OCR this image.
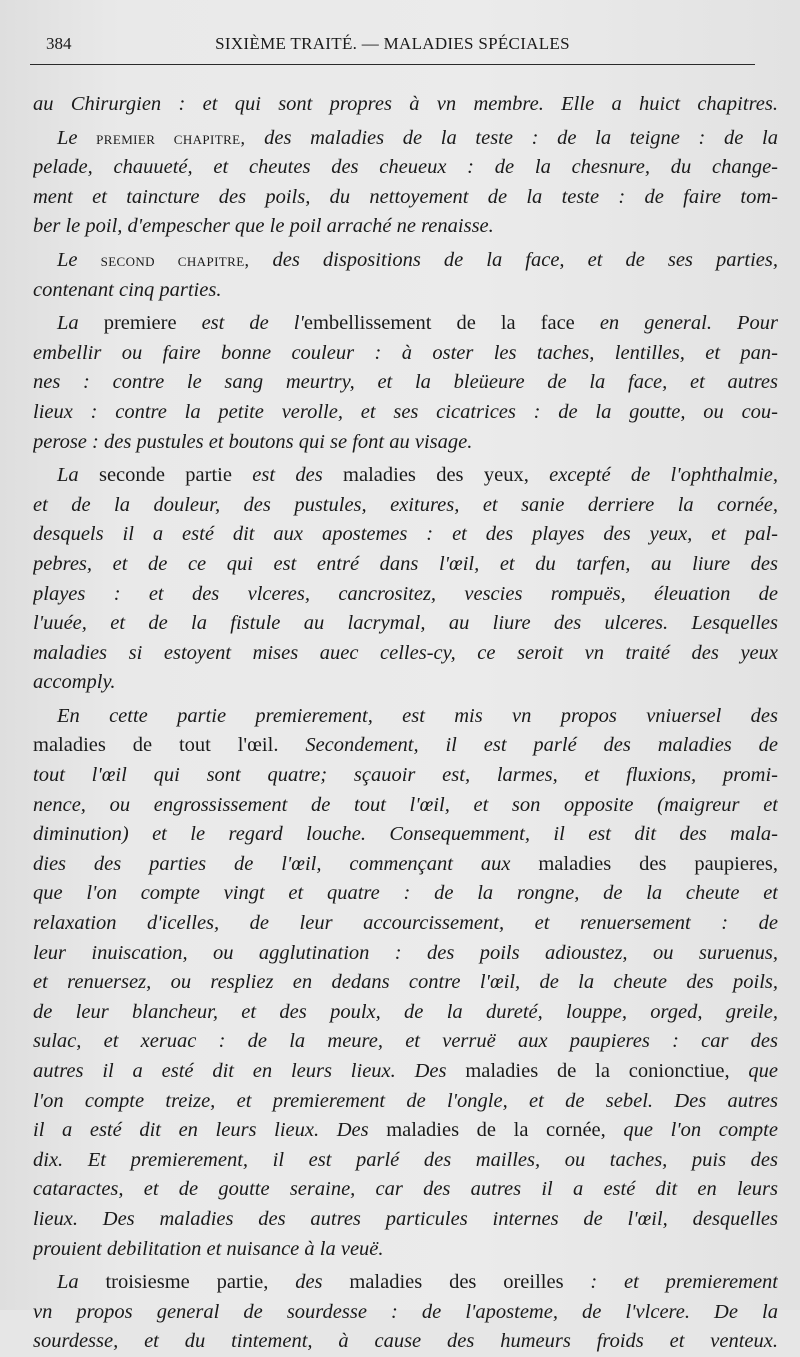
384	SIXIÈME TRAITÉ. — MALADIES SPÉCIALES
au Chirurgien : et qui sont propres à vn membre. Elle a huict chapitres.
Le premier chapitre, des maladies de la teste : de la teigne : de la
pelade, chauueté, et cheutes des cheueux : de la chesnure, du change-
ment et taincture des poils, du nettoyement de la teste : de faire tom-
ber le poil, d'empescher que le poil arraché ne renaisse.
Le second chapitre, des dispositions de la face, et de ses parties,
contenant cinq parties.
La premiere est de l'embellissement de la face en general. Pour
embellir ou faire bonne couleur : à oster les taches, lentilles, et pan-
nes : contre le sang meurtry, et la bleüeure de la face, et autres
lieux : contre la petite verolle, et ses cicatrices : de la goutte, ou cou-
perose : des pustules et boutons qui se font au visage.
La seconde partie est des maladies des yeux, excepté de l'ophthalmie,
et de la douleur, des pustules, exitures, et sanie derriere la cornée,
desquels il a esté dit aux apostemes : et des playes des yeux, et pal-
pebres, et de ce qui est entré dans l'œil, et du tarfen, au liure des
playes : et des vlceres, cancrositez, vescies rompuës, éleuation de
l'uuée, et de la fistule au lacrymal, au liure des ulceres. Lesquelles
maladies si estoyent mises auec celles-cy, ce seroit vn traité des yeux
accomply.
En cette partie premierement, est mis vn propos vniuersel des
maladies de tout l'œil. Secondement, il est parlé des maladies de
tout l'œil qui sont quatre; sçauoir est, larmes, et fluxions, promi-
nence, ou engrossissement de tout l'œil, et son opposite (maigreur et
diminution) et le regard louche. Consequemment, il est dit des mala-
dies des parties de l'œil, commençant aux maladies des paupieres,
que l'on compte vingt et quatre : de la rongne, de la cheute et
relaxation d'icelles, de leur accourcissement, et renuersement : de
leur inuiscation, ou agglutination : des poils adioustez, ou suruenus,
et renuersez, ou respliez en dedans contre l'œil, de la cheute des poils,
de leur blancheur, et des poulx, de la dureté, louppe, orged, greile,
sulac, et xeruac : de la meure, et verruë aux paupieres : car des
autres il a esté dit en leurs lieux. Des maladies de la conionctiue, que
l'on compte treize, et premierement de l'ongle, et de sebel. Des autres
il a esté dit en leurs lieux. Des maladies de la cornée, que l'on compte
dix. Et premierement, il est parlé des mailles, ou taches, puis des
cataractes, et de goutte seraine, car des autres il a esté dit en leurs
lieux. Des maladies des autres particules internes de l'œil, desquelles
prouient debilitation et nuisance à la veuë.
La troisiesme partie, des maladies des oreilles : et premierement
vn propos general de sourdesse : de l'aposteme, de l'vlcere. De la
sourdesse, et du tintement, à cause des humeurs froids et venteux.
